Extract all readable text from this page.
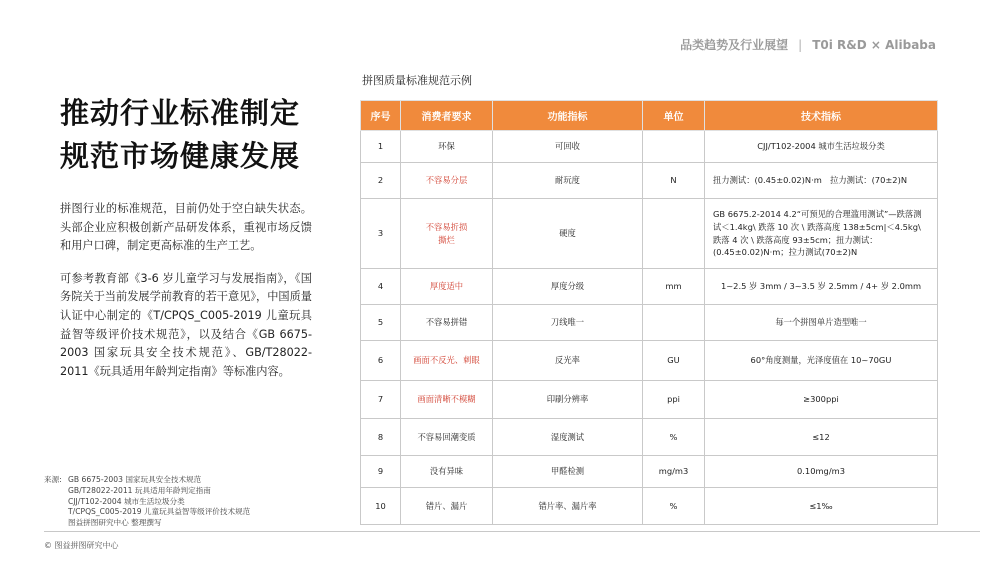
品类趋势及行业展望 | T0i R&D × Alibaba
推动行业标准制定
规范市场健康发展

拼图行业的标准规范，目前仍处于空白缺失状态。头部企业应积极创新产品研发体系，重视市场反馈和用户口碑，制定更高标准的生产工艺。

可参考教育部《3-6 岁儿童学习与发展指南》，《国务院关于当前发展学前教育的若干意见》，中国质量认证中心制定的《T/CPQS_C005-2019 儿童玩具益智等级评价技术规范》，以及结合《GB 6675-2003 国家玩具安全技术规范》、GB/T28022-2011《玩具适用年龄判定指南》等标准内容。

来源: GB 6675-2003 国家玩具安全技术规范
GB/T28022-2011 玩具适用年龄判定指南
CJJ/T102-2004 城市生活垃圾分类
T/CPQS_C005-2019 儿童玩具益智等级评价技术规范
图益拼图研究中心 整理撰写
© 图益拼图研究中心
拼图质量标准规范示例
序号	消费者要求	功能指标	单位	技术指标
1	环保	可回收		CJJ/T102-2004 城市生活垃圾分类
2	不容易分层	耐玩度	N	扭力测试：(0.45±0.02)N·m　拉力测试：(70±2)N
3	不容易折损
撕烂	硬度		GB 6675.2-2014 4.2“可预见的合理滥用测试”—跌落测试＜1.4kg\ 跌落 10 次 \ 跌落高度 138±5cm|＜4.5kg\ 跌落 4 次 \ 跌落高度 93±5cm；扭力测试：(0.45±0.02)N·m；拉力测试(70±2)N
4	厚度适中	厚度分级	mm	1~2.5 岁 3mm / 3~3.5 岁 2.5mm / 4+ 岁 2.0mm
5	不容易拼错	刀线唯一		每一个拼图单片造型唯一
6	画面不反光、刺眼	反光率	GU	60°角度测量，光泽度值在 10~70GU
7	画面清晰不模糊	印刷分辨率	ppi	≥300ppi
8	不容易回潮变质	湿度测试	%	≤12
9	没有异味	甲醛检测	mg/m3	0.10mg/m3
10	错片、漏片	错片率、漏片率	%	≤1‰
